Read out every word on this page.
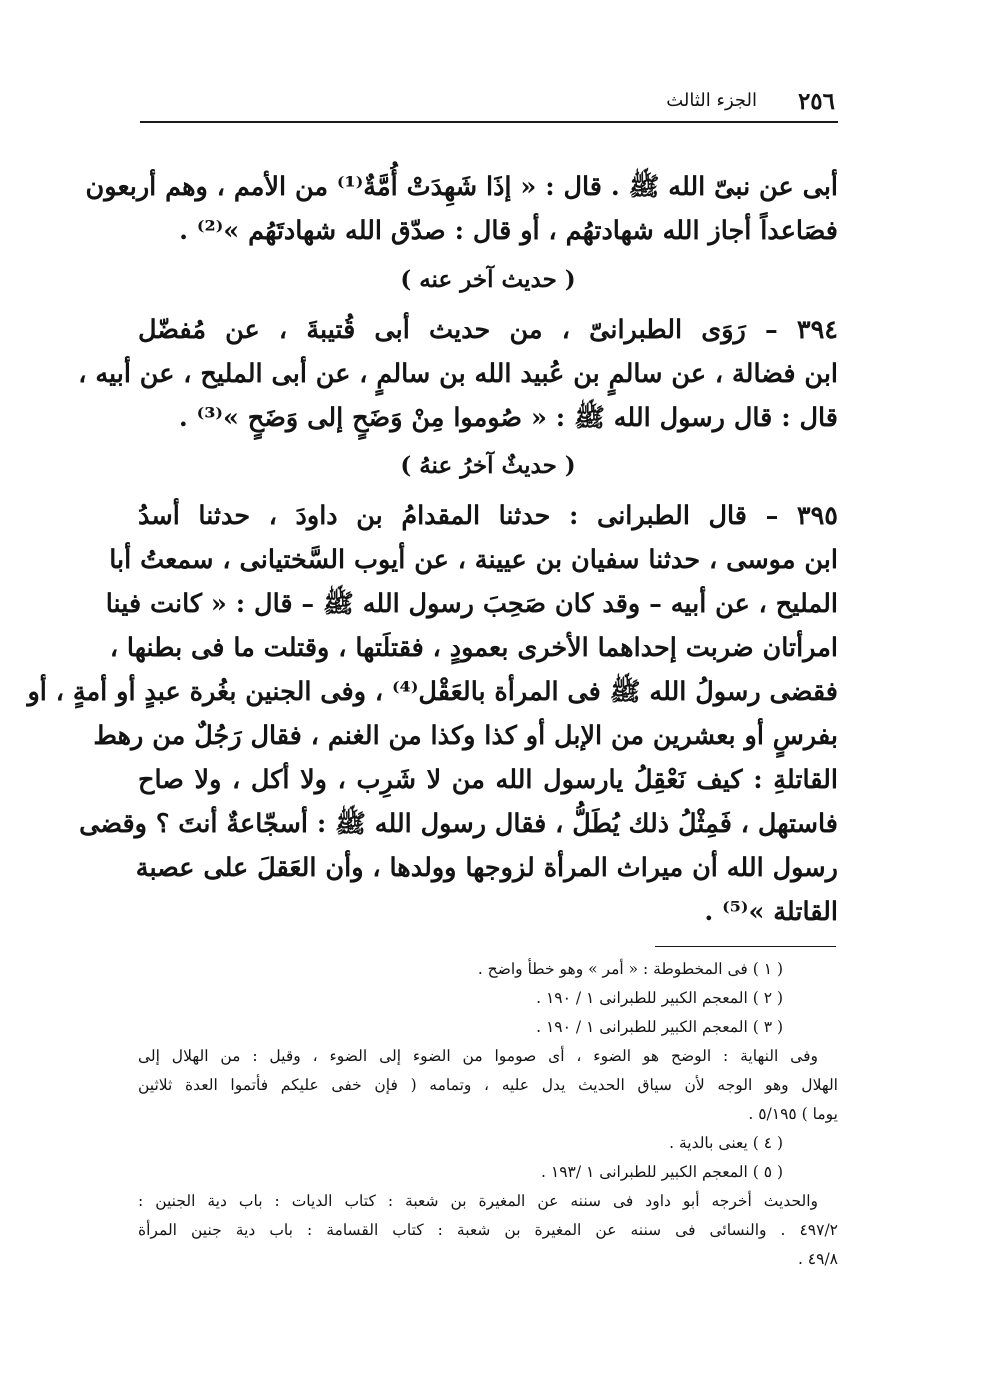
٢٥٦
الجزء الثالث
أبى عن نبىّ الله ﷺ . قال : « إذَا شَهِدَتْ أُمَّةٌ⁽¹⁾ من الأمم ، وهم أربعون
فصَاعداً أجاز الله شهادتهُم ، أو قال : صدّق الله شهادتَهُم »⁽²⁾ .
( حديث آخر عنه )
٣٩٤ – رَوَى الطبرانىّ ، من حديث أبى قُتيبةَ ، عن مُفضّل
ابن فضالة ، عن سالمٍ بن عُبيد الله بن سالمٍ ، عن أبى المليح ، عن أبيه ،
قال : قال رسول الله ﷺ : « صُوموا مِنْ وَضَحٍ إلى وَضَحٍ »⁽³⁾ .
( حديثٌ آخرُ عنهُ )
٣٩٥ – قال الطبرانى : حدثنا المقدامُ بن داودَ ، حدثنا أسدُ
ابن موسى ، حدثنا سفيان بن عيينة ، عن أيوب السَّختيانى ، سمعتُ أبا
المليح ، عن أبيه – وقد كان صَحِبَ رسول الله ﷺ – قال : « كانت فينا
امرأتان ضربت إحداهما الأخرى بعمودٍ ، فقتلَتها ، وقتلت ما فى بطنها ،
فقضى رسولُ الله ﷺ فى المرأة بالعَقْل⁽⁴⁾ ، وفى الجنين بغُرة عبدٍ أو أمةٍ ، أو
بفرسٍ أو بعشرين من الإبل أو كذا وكذا من الغنم ، فقال رَجُلٌ من رهط
القاتلةِ : كيف نَعْقِلُ يارسول الله من لا شَرِب ، ولا أكل ، ولا صاح
فاستهل ، فَمِثْلُ ذلك يُطَلُّ ، فقال رسول الله ﷺ : أسجّاعةٌ أنتَ ؟ وقضى
رسول الله أن ميراث المرأة لزوجها وولدها ، وأن العَقلَ على عصبة
القاتلة »⁽⁵⁾ .
( ١ ) فى المخطوطة : « أمر » وهو خطأ واضح .
( ٢ ) المعجم الكبير للطبرانى ١ / ١٩٠ .
( ٣ ) المعجم الكبير للطبرانى ١ / ١٩٠ .
وفى النهاية : الوضح هو الضوء ، أى صوموا من الضوء إلى الضوء ، وقيل : من الهلال إلى
الهلال وهو الوجه لأن سياق الحديث يدل عليه ، وتمامه ( فإن خفى عليكم فأتموا العدة ثلاثين
يوما ) ٥/١٩٥ .
( ٤ ) يعنى بالدية .
( ٥ ) المعجم الكبير للطبرانى ١ /١٩٣ .
والحديث أخرجه أبو داود فى سننه عن المغيرة بن شعبة : كتاب الديات : باب دية الجنين :
٤٩٧/٢ . والنسائى فى سننه عن المغيرة بن شعبة : كتاب القسامة : باب دية جنين المرأة
٤٩/٨ .
